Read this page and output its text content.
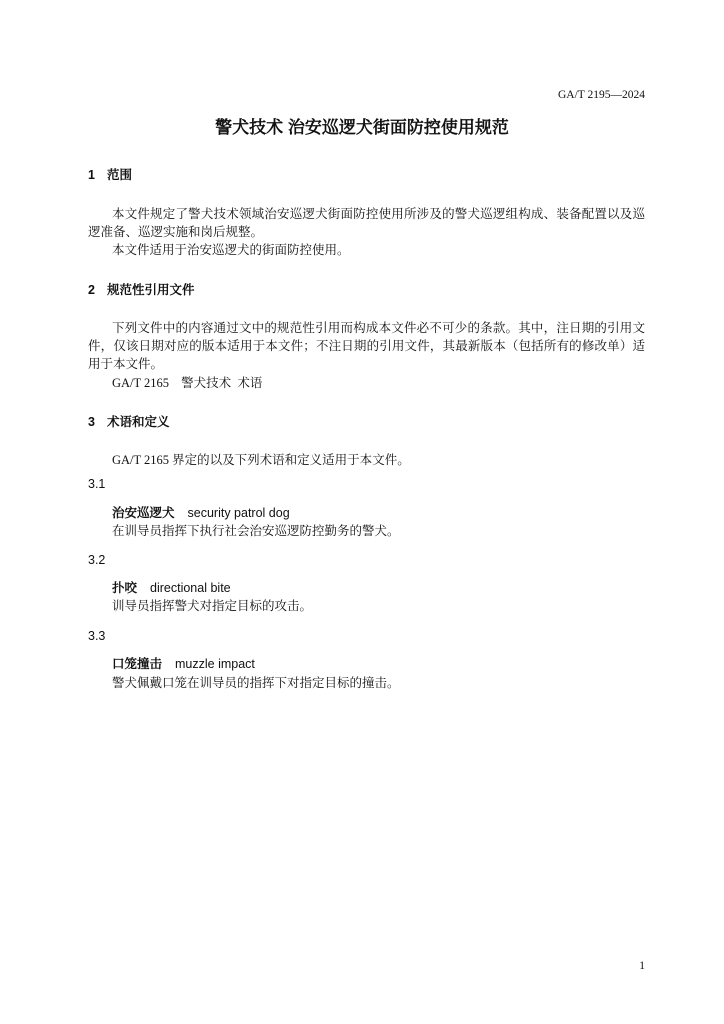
GA/T 2195—2024
警犬技术 治安巡逻犬街面防控使用规范
1 范围
本文件规定了警犬技术领域治安巡逻犬街面防控使用所涉及的警犬巡逻组构成、装备配置以及巡
逻准备、巡逻实施和岗后规整。
本文件适用于治安巡逻犬的街面防控使用。
2 规范性引用文件
下列文件中的内容通过文中的规范性引用而构成本文件必不可少的条款。其中，注日期的引用文
件，仅该日期对应的版本适用于本文件；不注日期的引用文件，其最新版本（包括所有的修改单）适
用于本文件。
GA/T 2165 警犬技术  术语
3 术语和定义
GA/T 2165 界定的以及下列术语和定义适用于本文件。
3.1
治安巡逻犬 security patrol dog
在训导员指挥下执行社会治安巡逻防控勤务的警犬。
3.2
扑咬 directional bite
训导员指挥警犬对指定目标的攻击。
3.3
口笼撞击 muzzle impact
警犬佩戴口笼在训导员的指挥下对指定目标的撞击。
1
